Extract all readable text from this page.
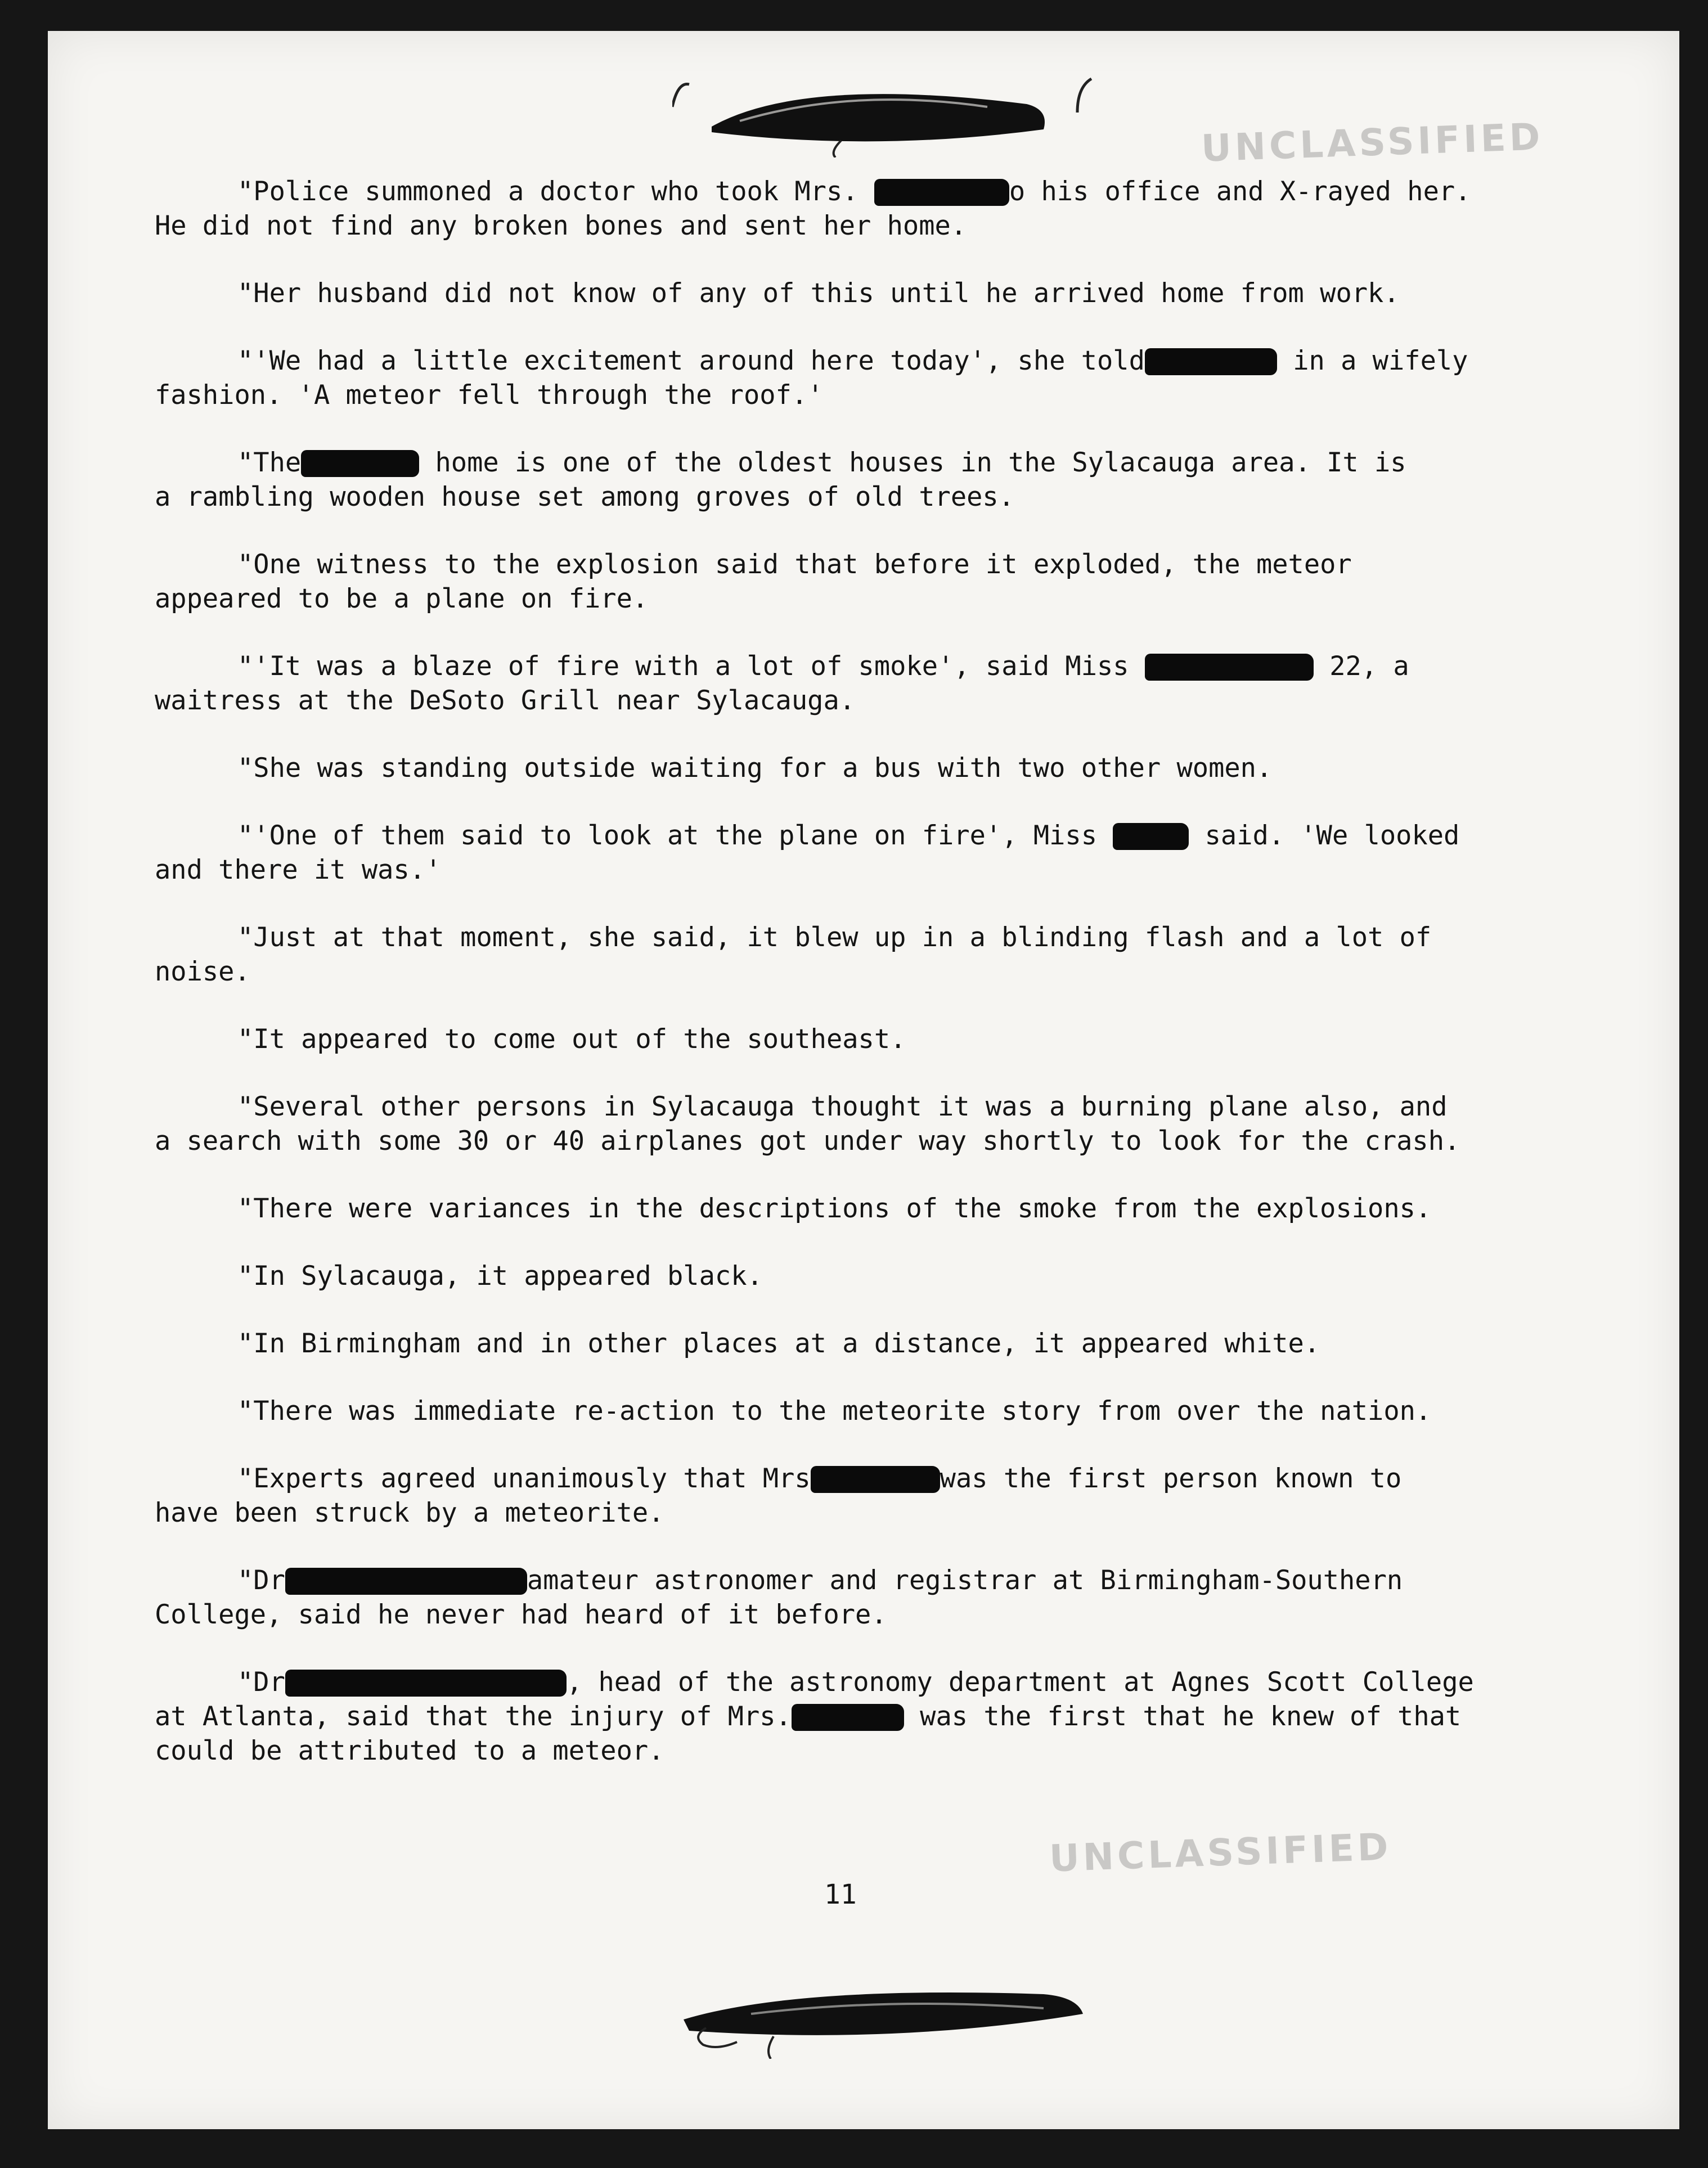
UNCLASSIFIED
"Police summoned a doctor who took Mrs.	o his office and X-rayed her.
He did not find any broken bones and sent her home.
"Her husband did not know of any of this until he arrived home from work.
"'We had a little excitement around here today', she told	in a wifely
fashion. 'A meteor fell through the roof.'
"The	home is one of the oldest houses in the Sylacauga area. It is
a rambling wooden house set among groves of old trees.
"One witness to the explosion said that before it exploded, the meteor
appeared to be a plane on fire.
"'It was a blaze of fire with a lot of smoke', said Miss	22, a
waitress at the DeSoto Grill near Sylacauga.
"She was standing outside waiting for a bus with two other women.
"'One of them said to look at the plane on fire', Miss	said. 'We looked
and there it was.'
"Just at that moment, she said, it blew up in a blinding flash and a lot of
noise.
"It appeared to come out of the southeast.
"Several other persons in Sylacauga thought it was a burning plane also, and
a search with some 30 or 40 airplanes got under way shortly to look for the crash.
"There were variances in the descriptions of the smoke from the explosions.
"In Sylacauga, it appeared black.
"In Birmingham and in other places at a distance, it appeared white.
"There was immediate re-action to the meteorite story from over the nation.
"Experts agreed unanimously that Mrs	was the first person known to
have been struck by a meteorite.
"Dr	amateur astronomer and registrar at Birmingham-Southern
College, said he never had heard of it before.
"Dr	, head of the astronomy department at Agnes Scott College
at Atlanta, said that the injury of Mrs.	was the first that he knew of that
could be attributed to a meteor.
UNCLASSIFIED
11
